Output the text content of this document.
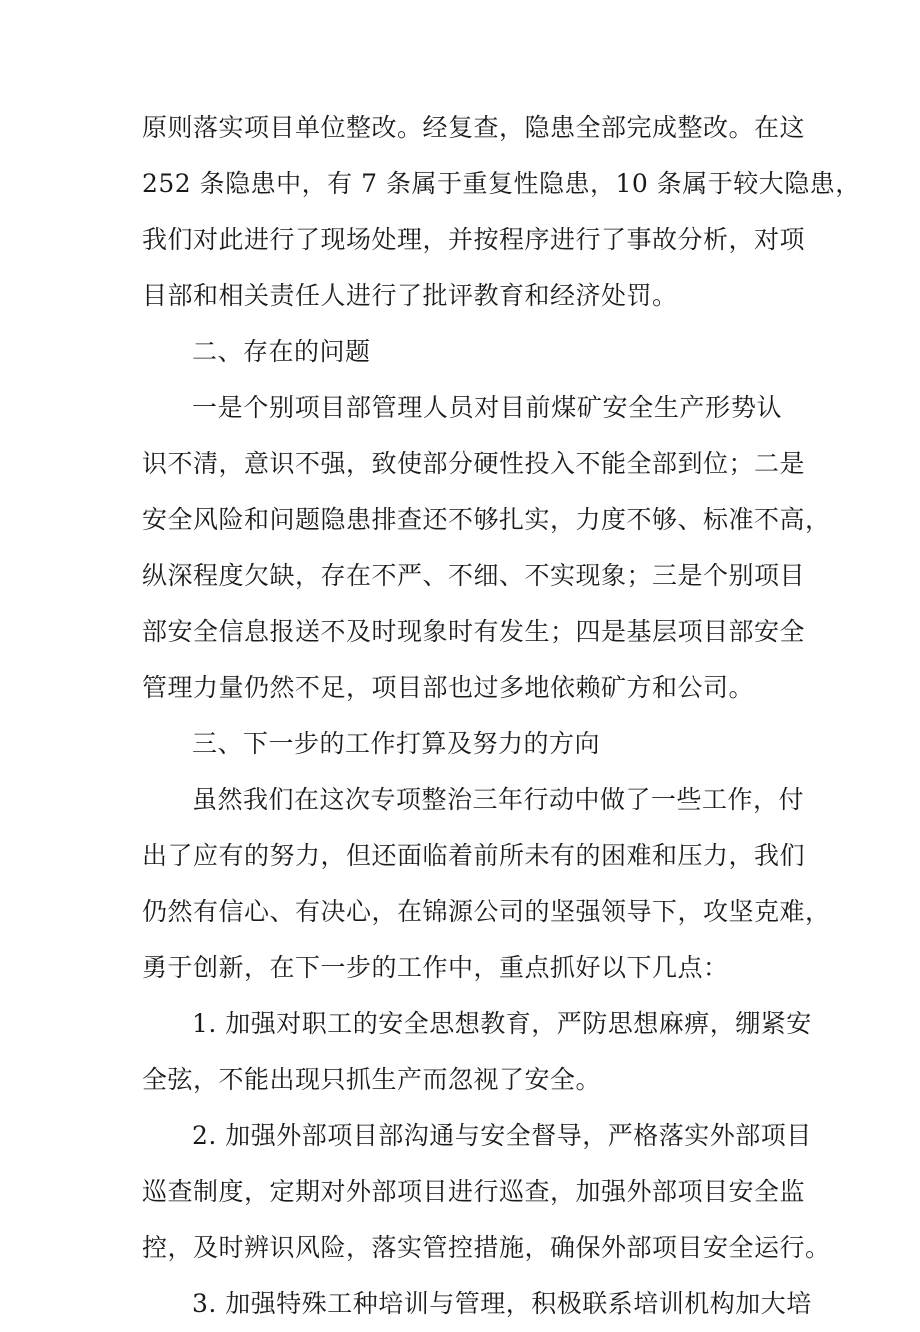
原则落实项目单位整改。经复查，隐患全部完成整改。在这
252 条隐患中，有 7 条属于重复性隐患，10 条属于较大隐患，
我们对此进行了现场处理，并按程序进行了事故分析，对项
目部和相关责任人进行了批评教育和经济处罚。
二、存在的问题
一是个别项目部管理人员对目前煤矿安全生产形势认
识不清，意识不强，致使部分硬性投入不能全部到位；二是
安全风险和问题隐患排查还不够扎实，力度不够、标准不高，
纵深程度欠缺，存在不严、不细、不实现象；三是个别项目
部安全信息报送不及时现象时有发生；四是基层项目部安全
管理力量仍然不足，项目部也过多地依赖矿方和公司。
三、下一步的工作打算及努力的方向
虽然我们在这次专项整治三年行动中做了一些工作，付
出了应有的努力，但还面临着前所未有的困难和压力，我们
仍然有信心、有决心，在锦源公司的坚强领导下，攻坚克难，
勇于创新，在下一步的工作中，重点抓好以下几点：
1. 加强对职工的安全思想教育，严防思想麻痹，绷紧安
全弦，不能出现只抓生产而忽视了安全。
2. 加强外部项目部沟通与安全督导，严格落实外部项目
巡查制度，定期对外部项目进行巡查，加强外部项目安全监
控，及时辨识风险，落实管控措施，确保外部项目安全运行。
3. 加强特殊工种培训与管理，积极联系培训机构加大培
